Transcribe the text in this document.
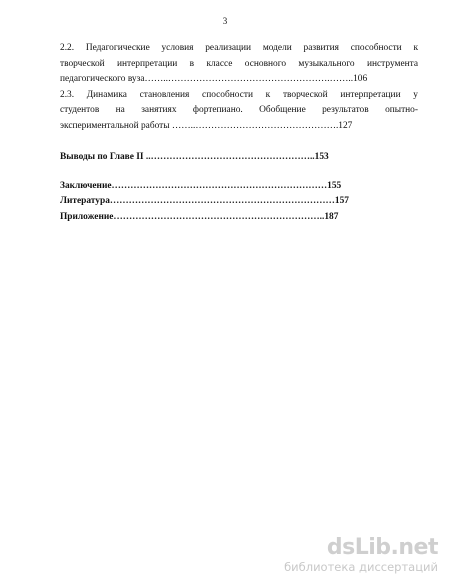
3
2.2. Педагогические условия реализации модели развития способности к
творческой интерпретации в классе основного музыкального инструмента
педагогического вуза……..…………………………………………….……..106
2.3. Динамика становления способности к творческой интерпретации у
студентов на занятиях фортепиано. Обобщение результатов опытно-
экспериментальной работы ……..……………………………………….127
Выводы по Главе II ..……………………………………………..153
Заключение……………………………………………………………155
Литература………………………………………………………………157
Приложение…………………………………………………………..187
dsLib.net
библиотека диссертаций
